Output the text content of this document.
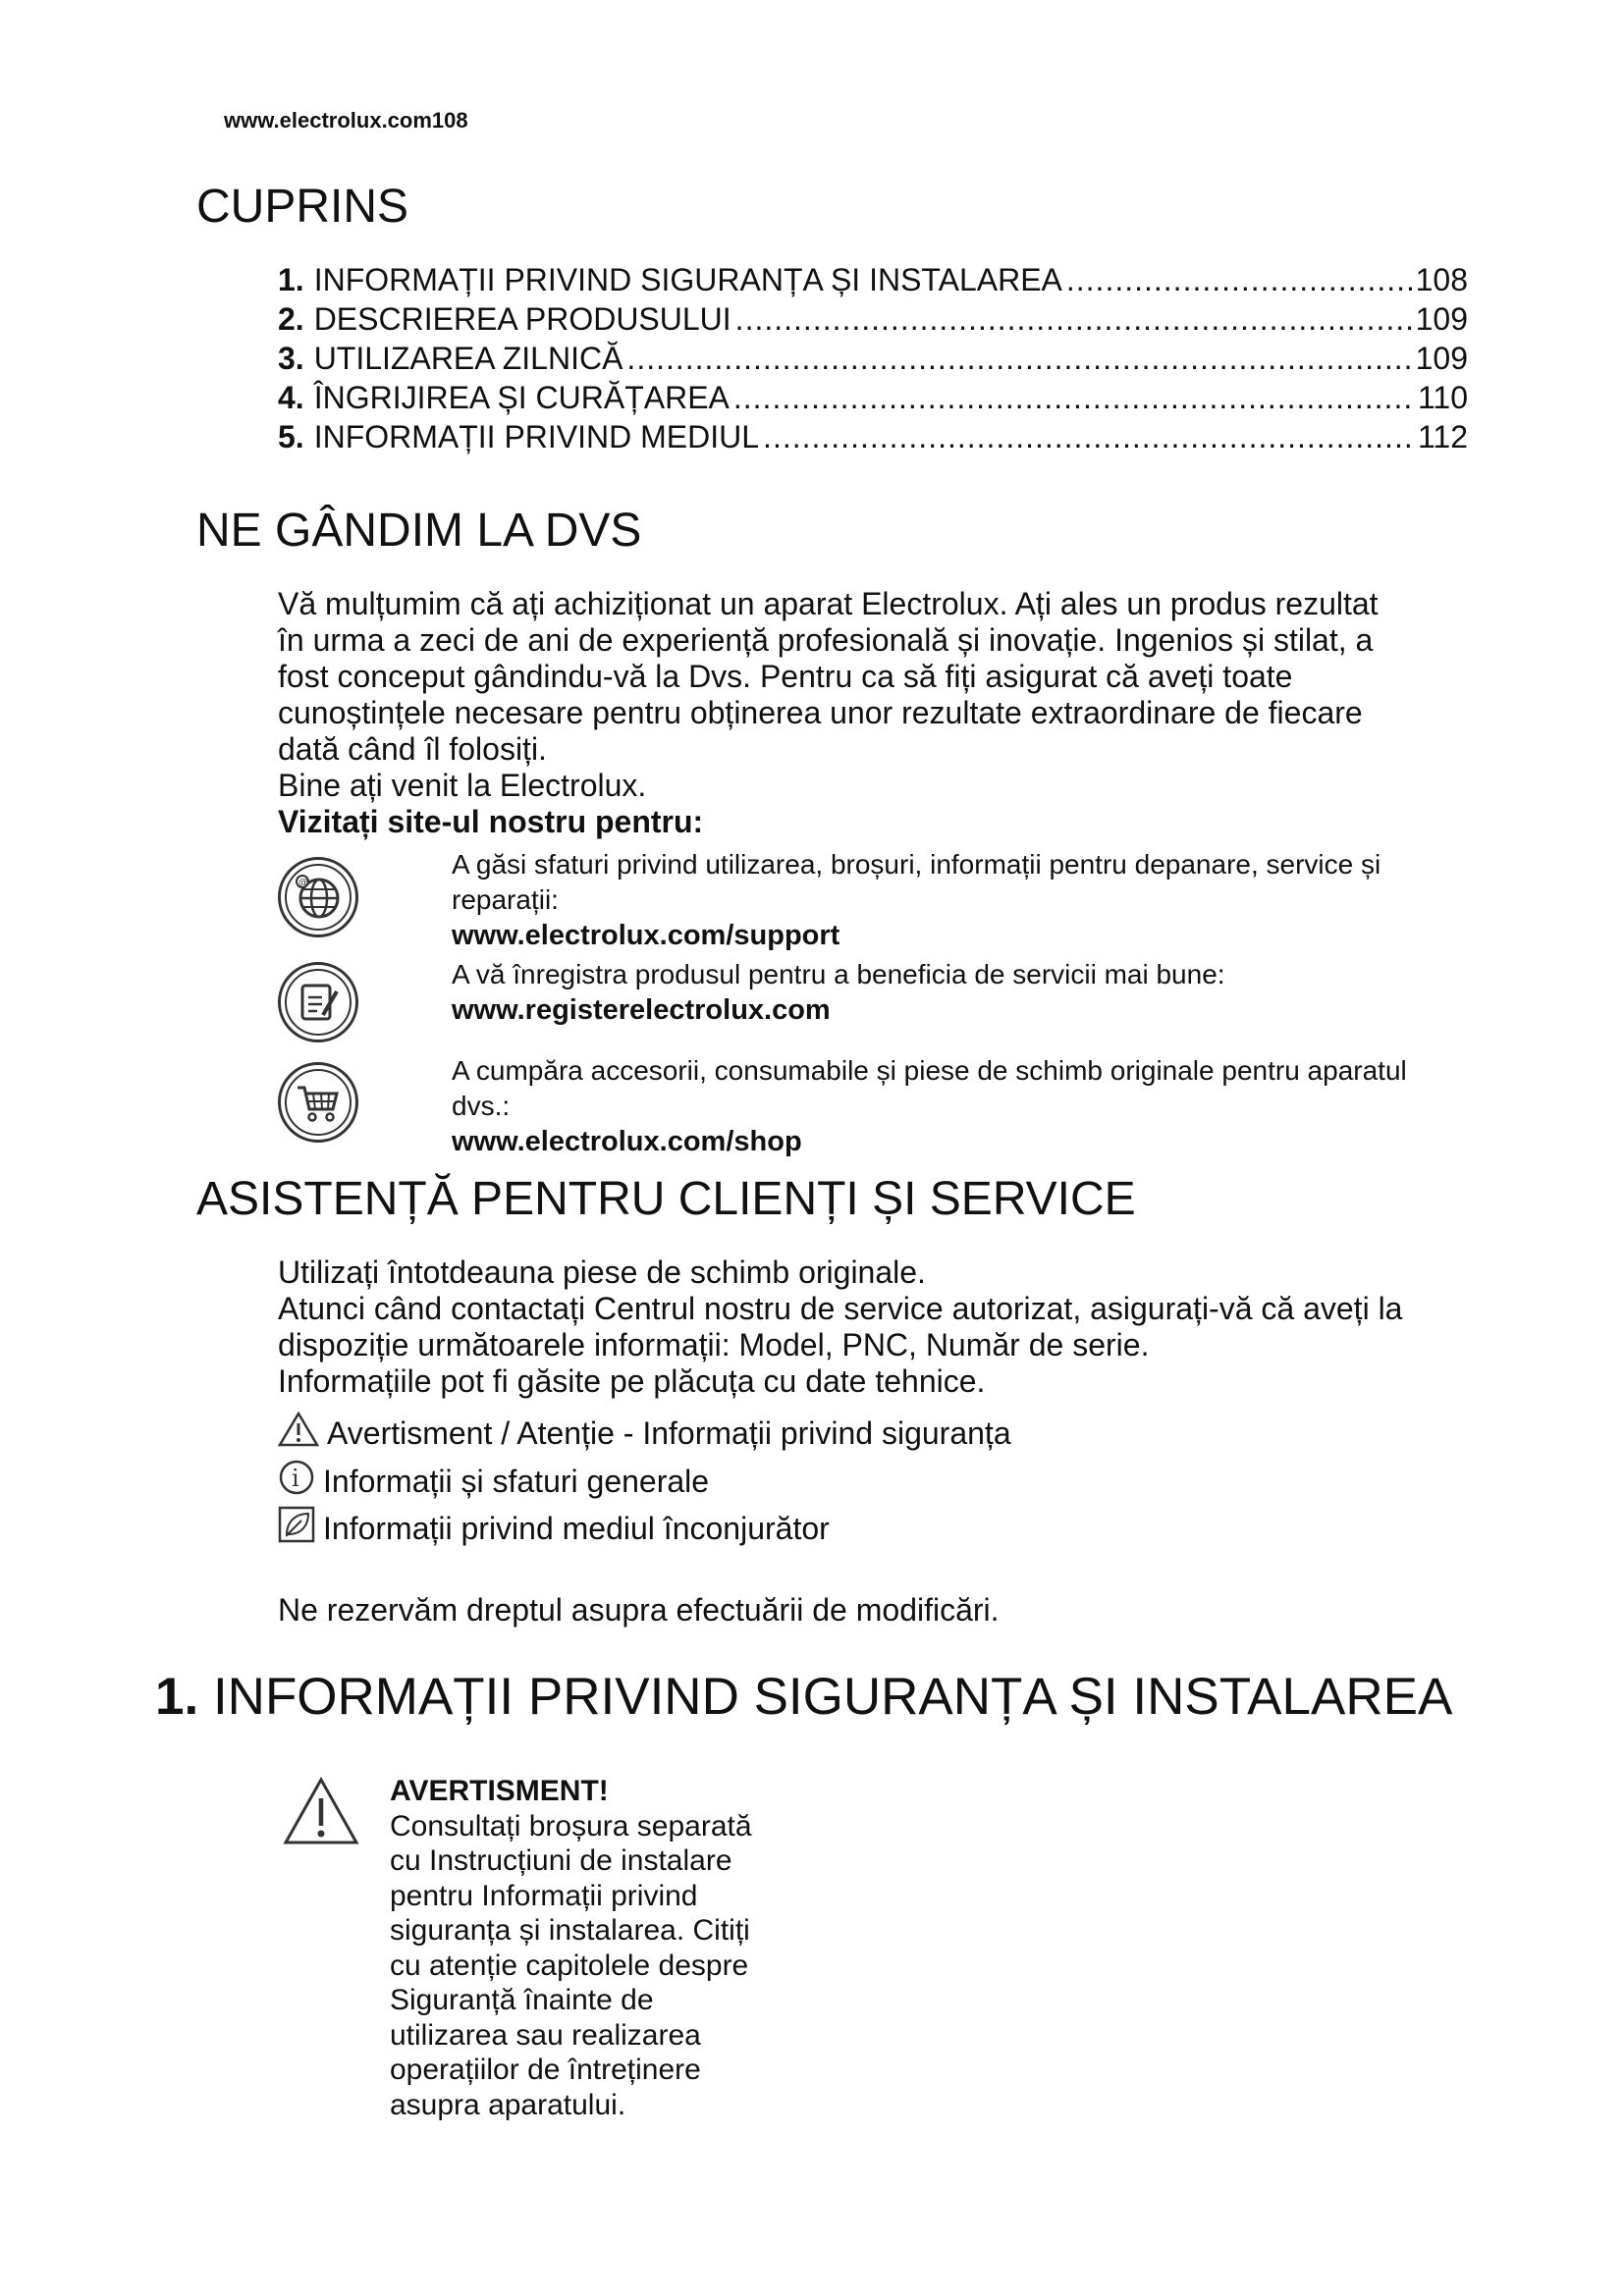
www.electrolux.com108
CUPRINS
1. INFORMAȚII PRIVIND SIGURANȚA ȘI INSTALAREA .....	108
2. DESCRIEREA PRODUSULUI .....	109
3. UTILIZAREA ZILNICĂ .....	109
4. ÎNGRIJIREA ȘI CURĂȚAREA .....	110
5. INFORMAȚII PRIVIND MEDIUL .....	112
NE GÂNDIM LA DVS
Vă mulțumim că ați achiziționat un aparat Electrolux. Ați ales un produs rezultat
în urma a zeci de ani de experiență profesională și inovație. Ingenios și stilat, a
fost conceput gândindu-vă la Dvs. Pentru ca să fiți asigurat că aveți toate
cunoștințele necesare pentru obținerea unor rezultate extraordinare de fiecare
dată când îl folosiți.
Bine ați venit la Electrolux.
Vizitați site-ul nostru pentru:
@
A găsi sfaturi privind utilizarea, broșuri, informații pentru depanare, service și
reparații:
www.electrolux.com/support
A vă înregistra produsul pentru a beneficia de servicii mai bune:
www.registerelectrolux.com
A cumpăra accesorii, consumabile și piese de schimb originale pentru aparatul
dvs.:
www.electrolux.com/shop
ASISTENȚĂ PENTRU CLIENȚI ȘI SERVICE
Utilizați întotdeauna piese de schimb originale.
Atunci când contactați Centrul nostru de service autorizat, asigurați-vă că aveți la
dispoziție următoarele informații: Model, PNC, Număr de serie.
Informațiile pot fi găsite pe plăcuța cu date tehnice.
Avertisment / Atenție - Informații privind siguranța
i Informații și sfaturi generale
Informații privind mediul înconjurător
Ne rezervăm dreptul asupra efectuării de modificări.
1. INFORMAȚII PRIVIND SIGURANȚA ȘI INSTALAREA
AVERTISMENT!
Consultați broșura separată
cu Instrucțiuni de instalare
pentru Informații privind
siguranța și instalarea. Citiți
cu atenție capitolele despre
Siguranță înainte de
utilizarea sau realizarea
operațiilor de întreținere
asupra aparatului.
